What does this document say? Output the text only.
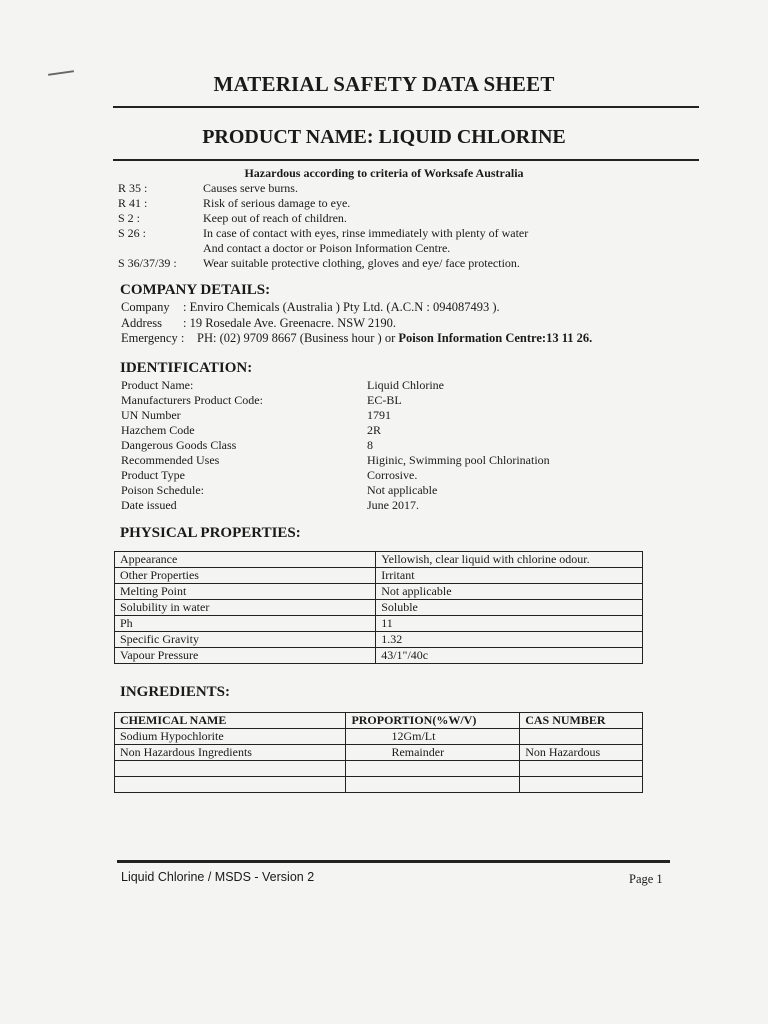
MATERIAL SAFETY DATA SHEET
PRODUCT NAME: LIQUID CHLORINE
Hazardous according to criteria of Worksafe Australia
R 35 :	Causes serve burns.
R 41 :	Risk of serious damage to eye.
S 2 :	Keep out of reach of children.
S 26 :	In case of contact with eyes, rinse immediately with plenty of water
And contact a doctor or Poison Information Centre.
S 36/37/39 : Wear suitable protective clothing, gloves and eye/ face protection.
COMPANY DETAILS:
Company : Enviro Chemicals (Australia ) Pty Ltd. (A.C.N : 094087493 ).
Address : 19 Rosedale Ave. Greenacre. NSW 2190.
Emergency : PH: (02) 9709 8667 (Business hour ) or Poison Information Centre:13 11 26.
IDENTIFICATION:
Product Name:	Liquid Chlorine
Manufacturers Product Code:	EC-BL
UN Number	1791
Hazchem Code	2R
Dangerous Goods Class	8
Recommended Uses	Higinic, Swimming pool Chlorination
Product Type	Corrosive.
Poison Schedule:	Not applicable
Date issued	June 2017.
PHYSICAL PROPERTIES:
Appearance	Yellowish, clear liquid with chlorine odour.
Other Properties	Irritant
Melting Point	Not applicable
Solubility in water	Soluble
Ph	11
Specific Gravity	1.32
Vapour Pressure	43/1"/40c
INGREDIENTS:
CHEMICAL NAME	PROPORTION(%W/V)	CAS NUMBER
Sodium Hypochlorite	12Gm/Lt	
Non Hazardous Ingredients	Remainder	Non Hazardous

Liquid Chlorine / MSDS - Version 2	Page 1
